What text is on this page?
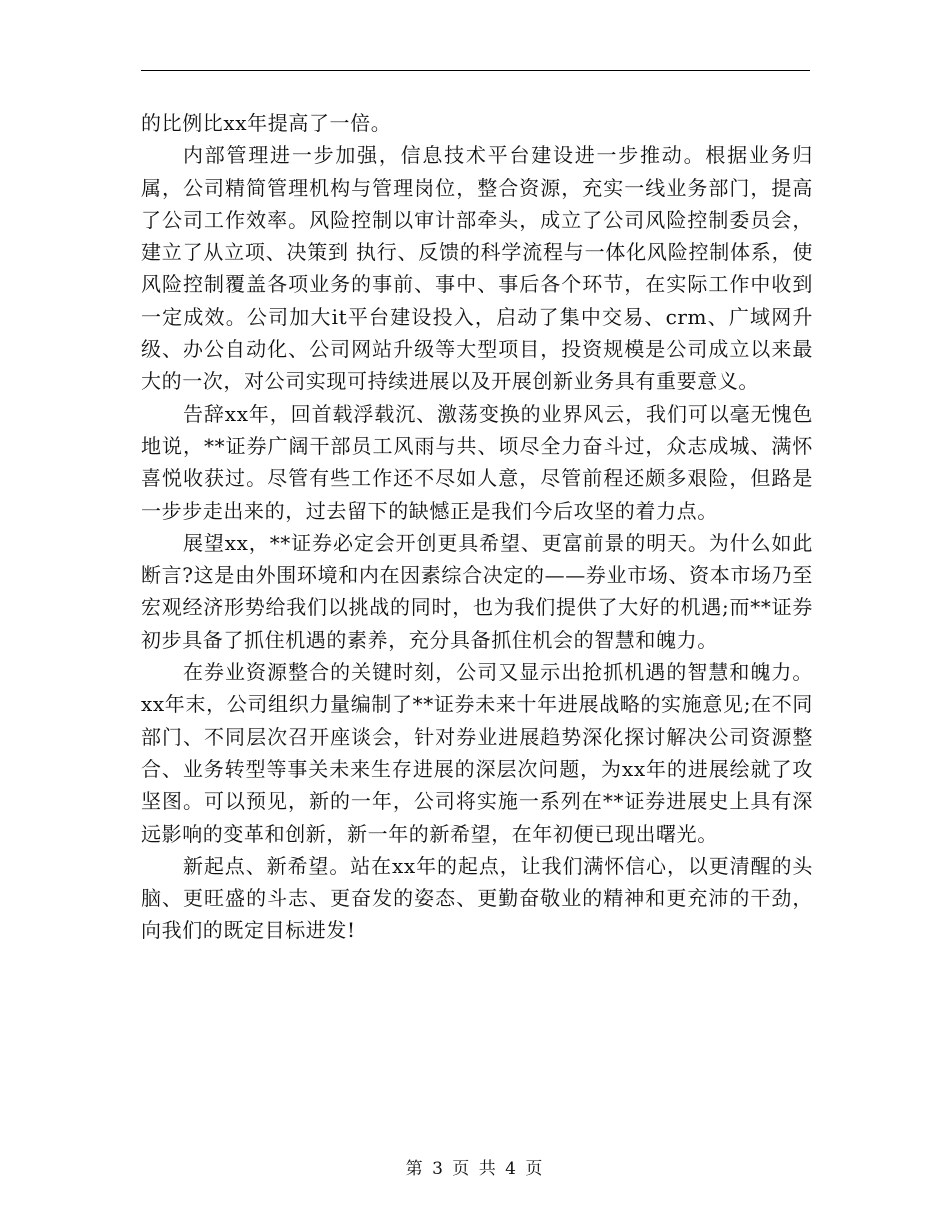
的比例比xx年提高了一倍。

内部管理进一步加强，信息技术平台建设进一步推动。根据业务归属，公司精简管理机构与管理岗位，整合资源，充实一线业务部门，提高了公司工作效率。风险控制以审计部牵头，成立了公司风险控制委员会，建立了从立项、决策到 执行、反馈的科学流程与一体化风险控制体系，使风险控制覆盖各项业务的事前、事中、事后各个环节，在实际工作中收到一定成效。公司加大it平台建设投入，启动了集中交易、crm、广域网升级、办公自动化、公司网站升级等大型项目，投资规模是公司成立以来最大的一次，对公司实现可持续进展以及开展创新业务具有重要意义。

告辞xx年，回首载浮载沉、激荡变换的业界风云，我们可以毫无愧色地说，**证券广阔干部员工风雨与共、顷尽全力奋斗过，众志成城、满怀喜悦收获过。尽管有些工作还不尽如人意，尽管前程还颇多艰险，但路是一步步走出来的，过去留下的缺憾正是我们今后攻坚的着力点。

展望xx，**证券必定会开创更具希望、更富前景的明天。为什么如此断言?这是由外围环境和内在因素综合决定的——券业市场、资本市场乃至宏观经济形势给我们以挑战的同时，也为我们提供了大好的机遇;而**证券初步具备了抓住机遇的素养，充分具备抓住机会的智慧和魄力。

在券业资源整合的关键时刻，公司又显示出抢抓机遇的智慧和魄力。xx年末，公司组织力量编制了**证券未来十年进展战略的实施意见;在不同部门、不同层次召开座谈会，针对券业进展趋势深化探讨解决公司资源整合、业务转型等事关未来生存进展的深层次问题，为xx年的进展绘就了攻坚图。可以预见，新的一年，公司将实施一系列在**证券进展史上具有深远影响的变革和创新，新一年的新希望，在年初便已现出曙光。

新起点、新希望。站在xx年的起点，让我们满怀信心，以更清醒的头脑、更旺盛的斗志、更奋发的姿态、更勤奋敬业的精神和更充沛的干劲，向我们的既定目标进发!

第 3 页 共 4 页
